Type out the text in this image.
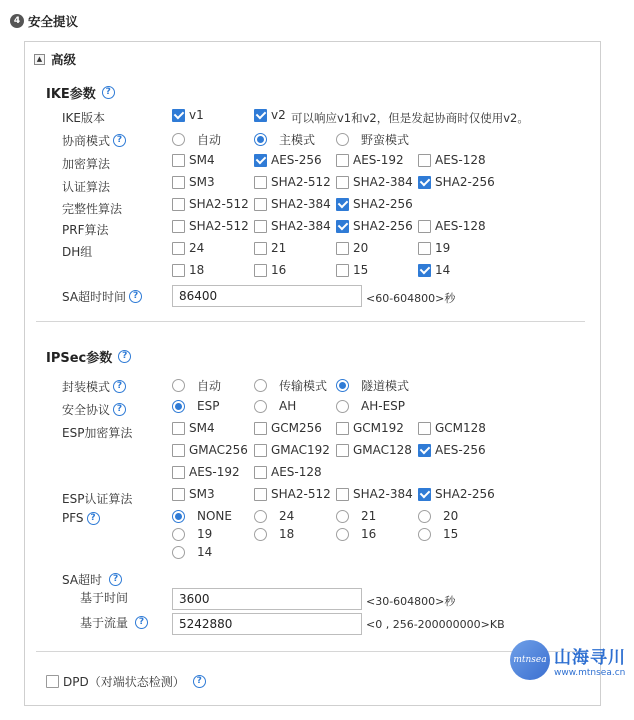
4 安全提议
▲ 高级
IKE参数	?
IKE版本	v1	v2 可以响应v1和v2，但是发起协商时仅使用v2。
协商模式 ?	自动	主模式	野蛮模式
加密算法	SM4	AES-256	AES-192	AES-128
认证算法	SM3	SHA2-512 SHA2-384 SHA2-256
完整性算法	SHA2-512 SHA2-384 SHA2-256
PRF算法	SHA2-512 SHA2-384 SHA2-256 AES-128
DH组	24	21	20	19
18	16	15	14
SA超时时间 ?
86400	<60-604800>秒
IPSec参数	?
封装模式 ?	自动	传输模式	隧道模式
安全协议 ?	ESP	AH	AH-ESP
ESP加密算法	SM4	GCM256	GCM192	GCM128
GMAC256 GMAC192 GMAC128 AES-256
AES-192	AES-128
ESP认证算法	SM3	SHA2-512 SHA2-384 SHA2-256
PFS ?	NONE	24	21	20
19	18	16	15
14
SA超时	?
基于时间
3600	<30-604800>秒
基于流量	?
5242880	<0 , 256-200000000>KB
DPD（对端状态检测）	?
mtnsea 山海寻川
www.mtnsea.cn
